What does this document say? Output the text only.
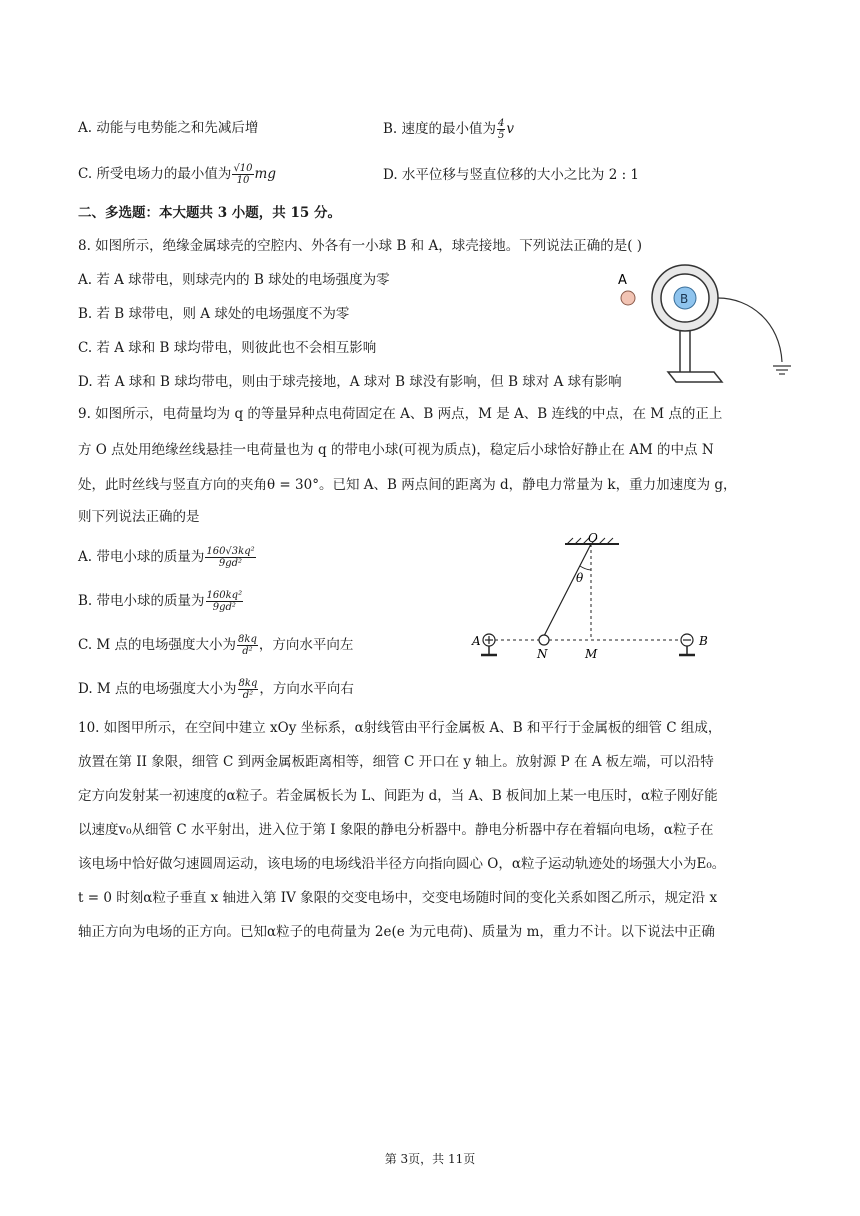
A. 动能与电势能之和先减后增	B. 速度的最小值为 $\frac{4}{5}$ v
C. 所受电场力的最小值为 $\frac{√10}{10}$ mg	D. 水平位移与竖直位移的大小之比为 2 : 1
二、多选题：本大题共 3 小题，共 15 分。
8. 如图所示，绝缘金属球壳的空腔内、外各有一小球 B 和 A，球壳接地。下列说法正确的是( )
A. 若 A 球带电，则球壳内的 B 球处的电场强度为零
B. 若 B 球带电，则 A 球处的电场强度不为零
C. 若 A 球和 B 球均带电，则彼此也不会相互影响
D. 若 A 球和 B 球均带电，则由于球壳接地，A 球对 B 球没有影响，但 B 球对 A 球有影响
A
B
9. 如图所示，电荷量均为 q 的等量异种点电荷固定在 A、B 两点，M 是 A、B 连线的中点，在 M 点的正上
方 O 点处用绝缘丝线悬挂一电荷量也为 q 的带电小球(可视为质点)，稳定后小球恰好静止在 AM 的中点 N
处，此时丝线与竖直方向的夹角θ = 30°。已知 A、B 两点间的距离为 d，静电力常量为 k，重力加速度为 g，
则下列说法正确的是
A. 带电小球的质量为 $\frac{\text{160√3kq²}}{\text{9gd²}}$
B. 带电小球的质量为 $\frac{\text{160kq²}}{\text{9gd²}}$
C. M 点的电场强度大小为 $\frac{8kq}{\text{d²}}$ ，方向水平向左
D. M 点的电场强度大小为 $\frac{8kq}{\text{d²}}$ ，方向水平向右
O
θ
A	B
N	M
10. 如图甲所示，在空间中建立 xOy 坐标系，α射线管由平行金属板 A、B 和平行于金属板的细管 C 组成，
放置在第 II 象限，细管 C 到两金属板距离相等，细管 C 开口在 y 轴上。放射源 P 在 A 板左端，可以沿特
定方向发射某一初速度的α粒子。若金属板长为 L、间距为 d，当 A、B 板间加上某一电压时，α粒子刚好能
以速度v₀从细管 C 水平射出，进入位于第 I 象限的静电分析器中。静电分析器中存在着辐向电场，α粒子在
该电场中恰好做匀速圆周运动，该电场的电场线沿半径方向指向圆心 O，α粒子运动轨迹处的场强大小为E₀。
t = 0 时刻α粒子垂直 x 轴进入第 IV 象限的交变电场中，交变电场随时间的变化关系如图乙所示，规定沿 x
轴正方向为电场的正方向。已知α粒子的电荷量为 2e(e 为元电荷)、质量为 m，重力不计。以下说法中正确
第 3页，共 11页
